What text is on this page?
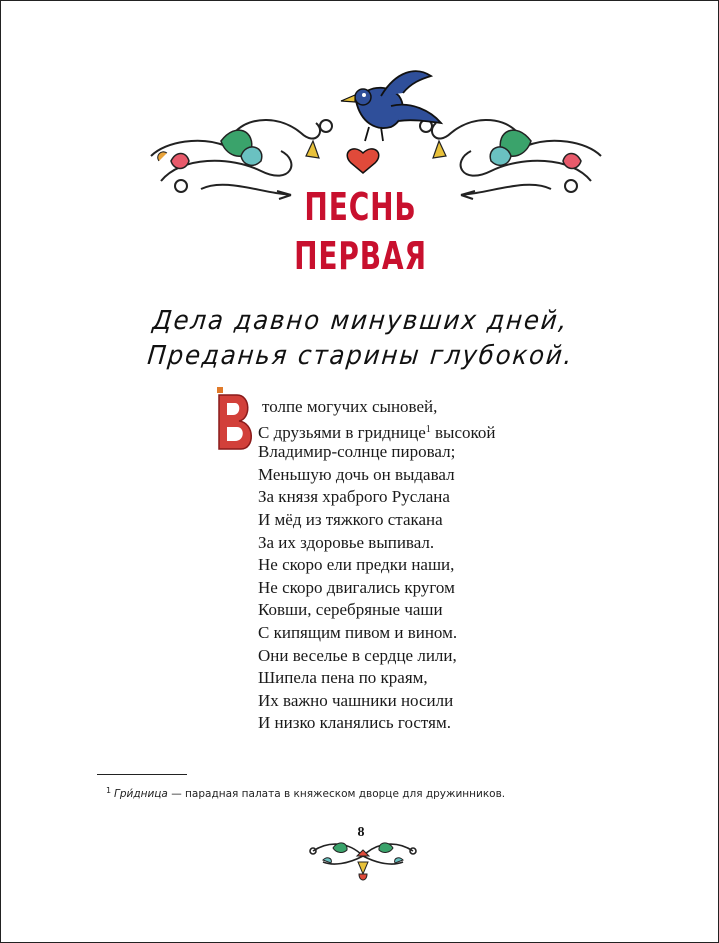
ПЕСНЬ
ПЕРВАЯ
Дела давно минувших дней,
Преданья старины глубокой.
В
толпе могучих сыновей,
С друзьями в гриднице$^1$ высокой
Владимир-солнце пировал;
Меньшую дочь он выдавал
За князя храброго Руслана
И мёд из тяжкого стакана
За их здоровье выпивал.
Не скоро ели предки наши,
Не скоро двигались кругом
Ковши, серебряные чаши
С кипящим пивом и вином.
Они веселье в сердце лили,
Шипела пена по краям,
Их важно чашники носили
И низко кланялись гостям.
1 Гри́дница — парадная палата в княжеском дворце для дружинников.
8
